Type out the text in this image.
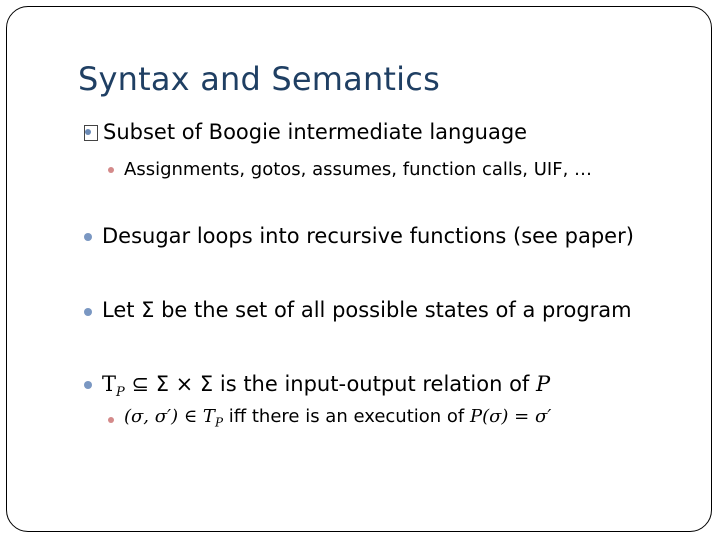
Syntax and Semantics
Subset of Boogie intermediate language
Assignments, gotos, assumes, function calls, UIF, …
Desugar loops into recursive functions (see paper)
Let Σ be the set of all possible states of a program
$T_P$ ⊆ Σ × Σ is the input-output relation of P
(σ, σ′) ∈ $T_P$ iff there is an execution of P(σ) = σ′
